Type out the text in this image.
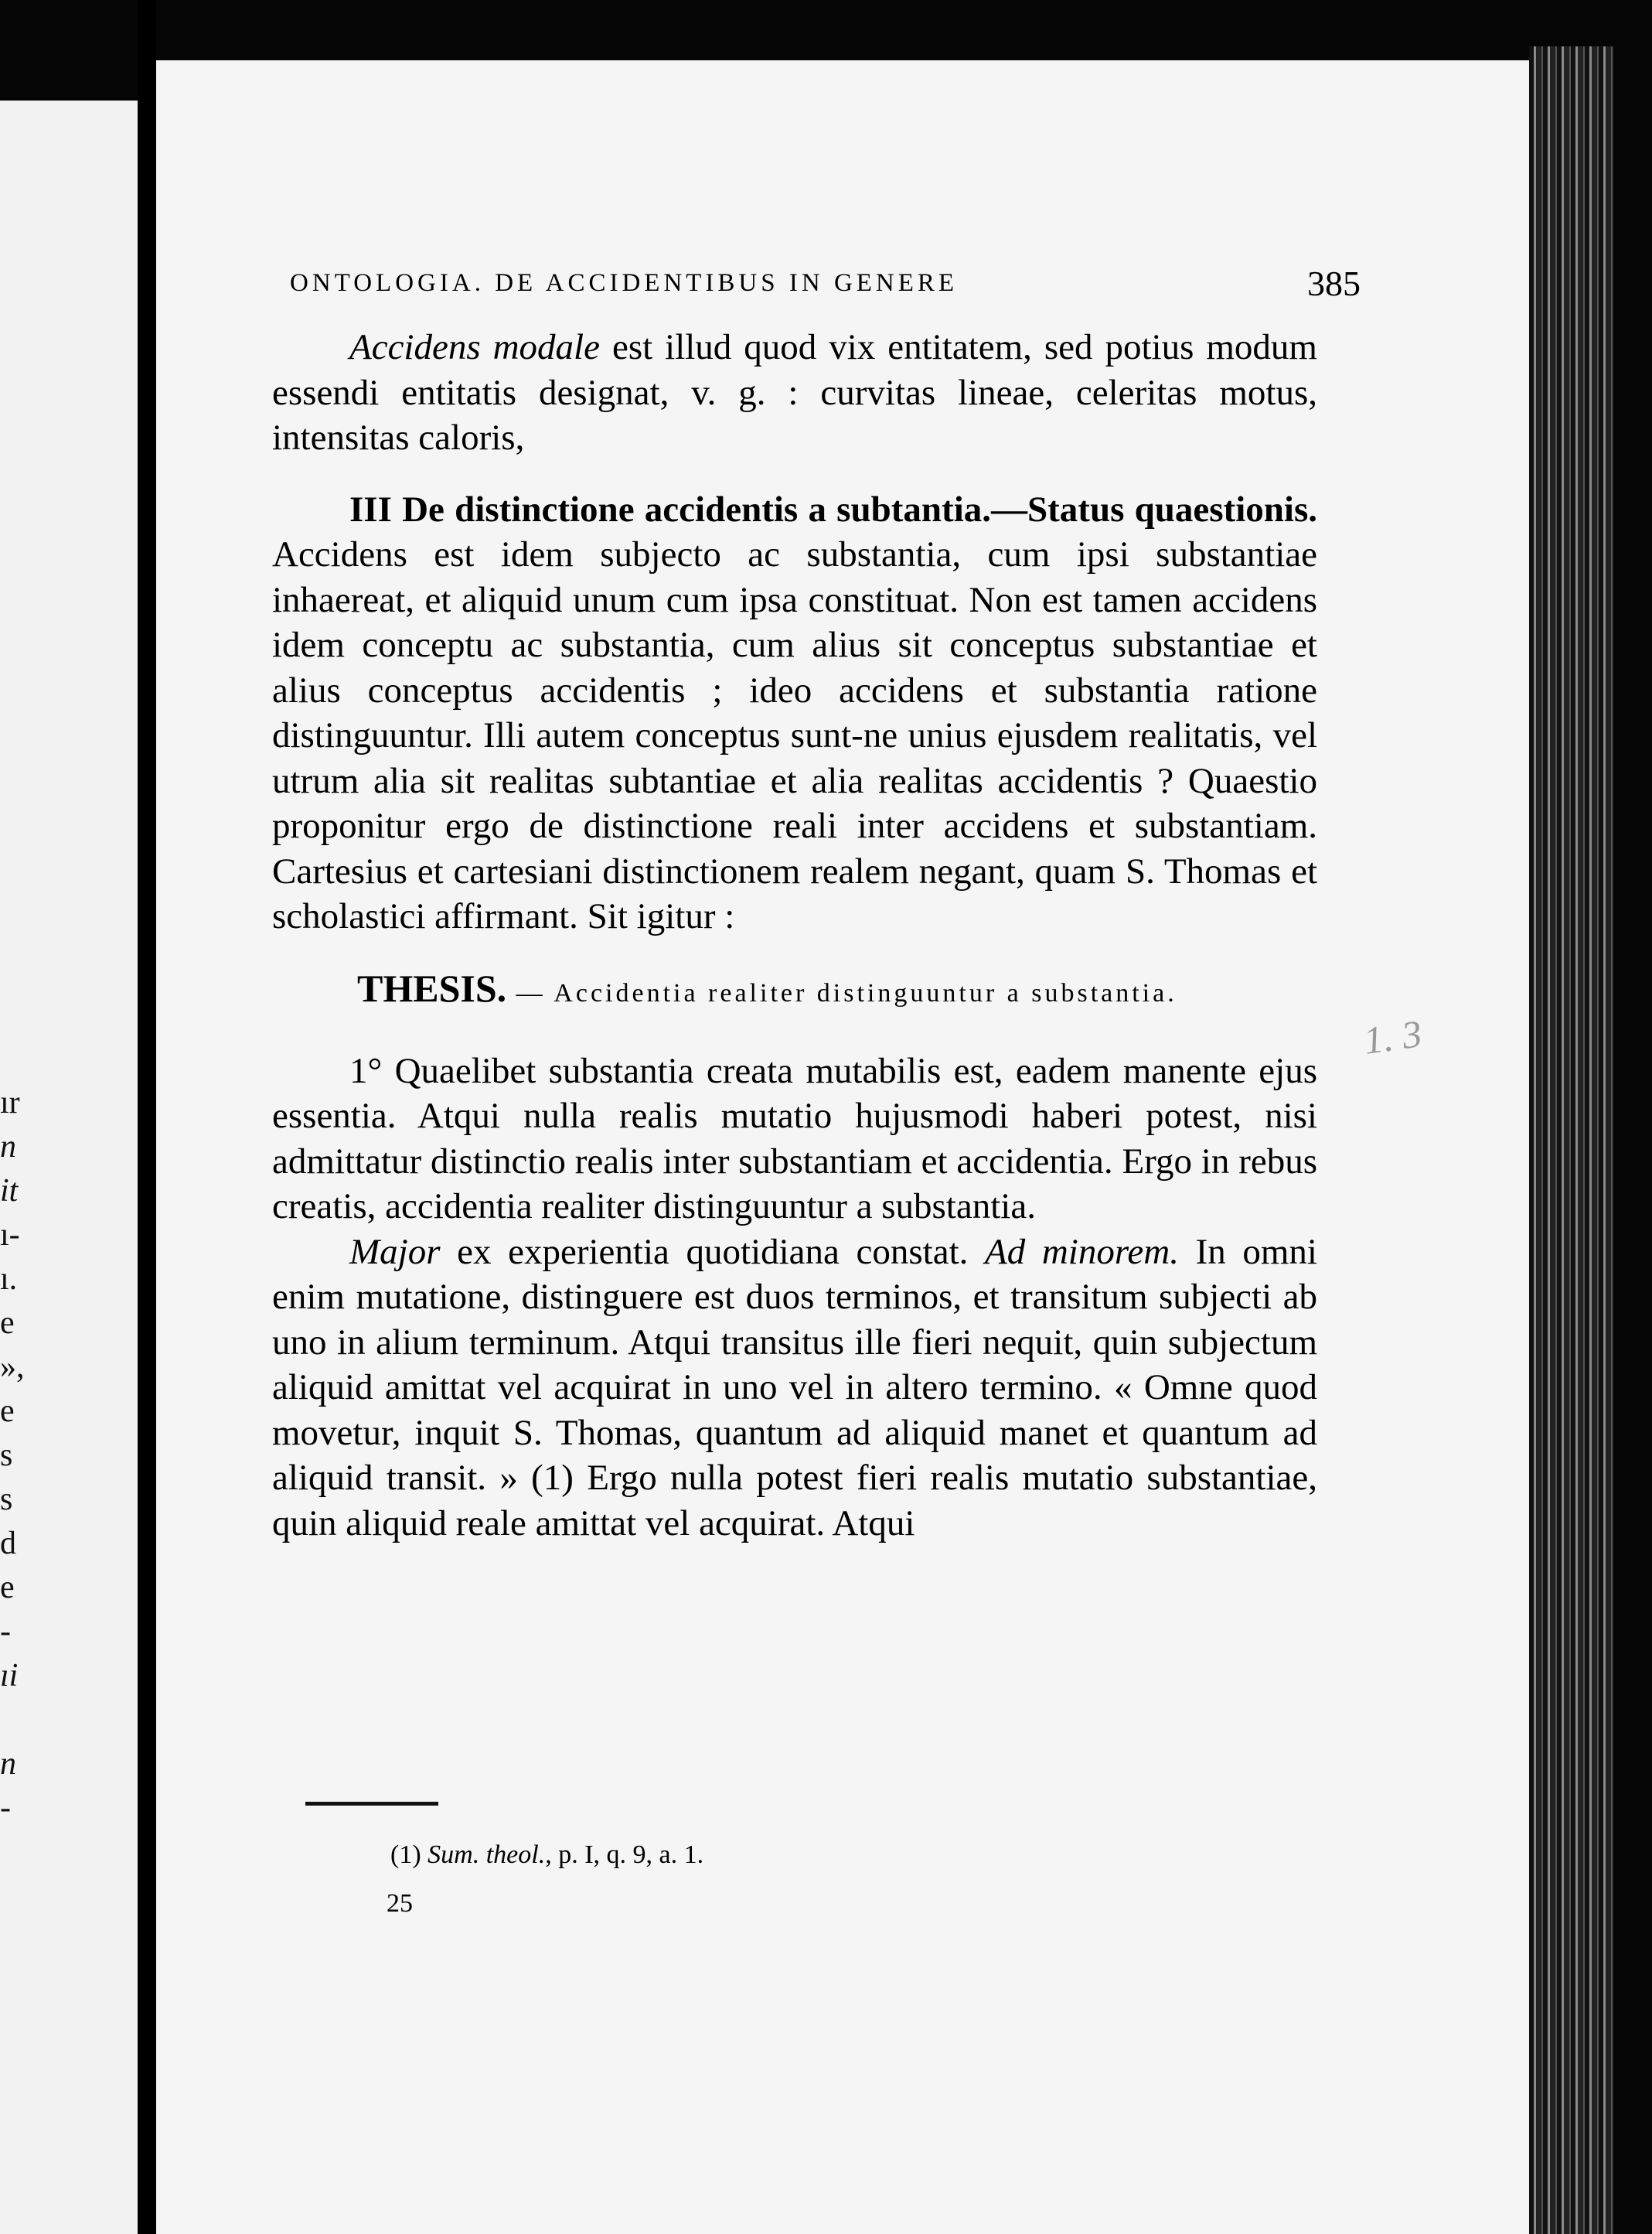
ır
n
it
ı-
ı.
e
»,
e
s
s
d
e
-
ıi
n
-
ONTOLOGIA. DE ACCIDENTIBUS IN GENERE	385

Accidens modale est illud quod vix entitatem, sed potius modum essendi entitatis designat, v. g. : curvitas lineae, celeritas motus, intensitas caloris,

III De distinctione accidentis a subtantia.—Status quaestionis. Accidens est idem subjecto ac substantia, cum ipsi substantiae inhaereat, et aliquid unum cum ipsa constituat. Non est tamen accidens idem conceptu ac substantia, cum alius sit conceptus substantiae et alius conceptus accidentis ; ideo accidens et substantia ratione distinguuntur. Illi autem conceptus sunt-ne unius ejusdem realitatis, vel utrum alia sit realitas subtantiae et alia realitas accidentis ? Quaestio proponitur ergo de distinctione reali inter accidens et substantiam. Cartesius et cartesiani distinctionem realem negant, quam S. Thomas et scholastici affirmant. Sit igitur :

THESIS. — Accidentia realiter distinguuntur a substantia.

1° Quaelibet substantia creata mutabilis est, eadem manente ejus essentia. Atqui nulla realis mutatio hujusmodi haberi potest, nisi admittatur distinctio realis inter substantiam et accidentia. Ergo in rebus creatis, accidentia realiter distinguuntur a substantia.

Major ex experientia quotidiana constat. Ad minorem. In omni enim mutatione, distinguere est duos terminos, et transitum subjecti ab uno in alium terminum. Atqui transitus ille fieri nequit, quin subjectum aliquid amittat vel acquirat in uno vel in altero termino. « Omne quod movetur, inquit S. Thomas, quantum ad aliquid manet et quantum ad aliquid transit. » (1) Ergo nulla potest fieri realis mutatio substantiae, quin aliquid reale amittat vel acquirat. Atqui

(1) Sum. theol., p. I, q. 9, a. 1.
25
1. 3
